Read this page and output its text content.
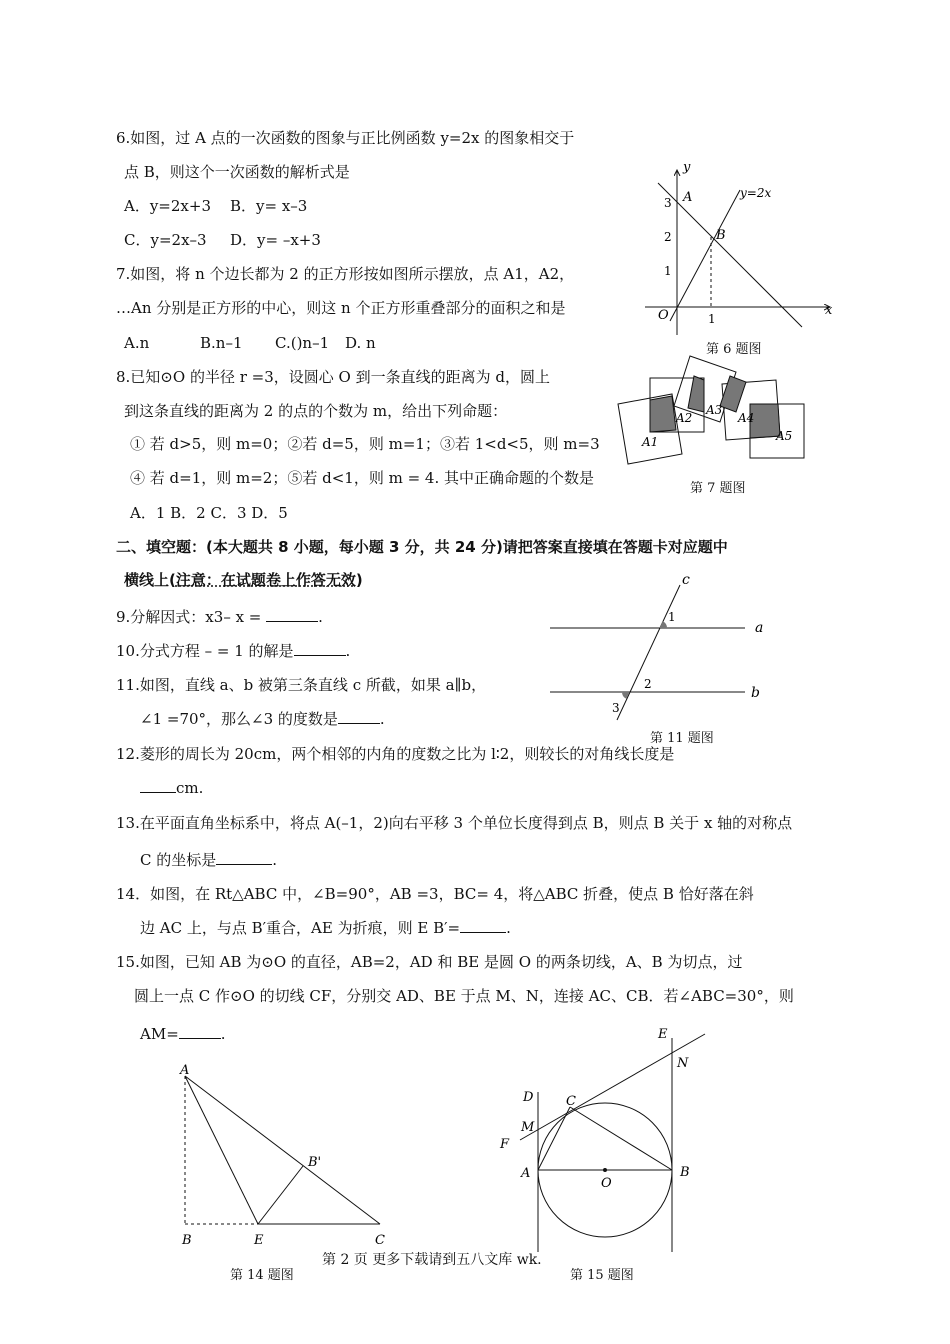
6.如图，过 A 点的一次函数的图象与正比例函数 y=2x 的图象相交于
点 B，则这个一次函数的解析式是
A．y=2x+3 B．y= x–3
C．y=2x–3 D．y= –x+3
y
x
O
A
B
y=2x
3
2
1
1
第 6 题图
7.如图，将 n 个边长都为 2 的正方形按如图所示摆放，点 A1，A2，
…An 分别是正方形的中心，则这 n 个正方形重叠部分的面积之和是
A.n	B.n–1 C.()n–1 D. n
A1
A2
A3
A4
A5
第 7 题图
8.已知⊙O 的半径 r =3，设圆心 O 到一条直线的距离为 d，圆上
到这条直线的距离为 2 的点的个数为 m，给出下列命题：
① 若 d>5，则 m=0；②若 d=5，则 m=1；③若 1<d<5，则 m=3
④ 若 d=1，则 m=2；⑤若 d<1，则 m = 4. 其中正确命题的个数是
A．1 B．2 C．3 D．5
二、填空题：(本大题共 8 小题，每小题 3 分，共 24 分)请把答案直接填在答题卡对应题中
横线上(注意：在试题卷上作答无效)
9.分解因式：x3– x =	.
10.分式方程 – = 1 的解是	.
11.如图，直线 a、b 被第三条直线 c 所截，如果 a∥b，
∠1 =70°，那么∠3 的度数是	.
c
a
b
1
2
3
第 11 题图
12.菱形的周长为 20cm，两个相邻的内角的度数之比为 l∶2，则较长的对角线长度是
cm.
13.在平面直角坐标系中，将点 A(–1，2)向右平移 3 个单位长度得到点 B，则点 B 关于 x 轴的对称点
C 的坐标是	.
14．如图，在 Rt△ABC 中，∠B=90°，AB =3，BC= 4，将△ABC 折叠，使点 B 恰好落在斜
边 AC 上，与点 B′重合，AE 为折痕，则 E B′=	.
15.如图，已知 AB 为⊙O 的直径，AB=2，AD 和 BE 是圆 O 的两条切线，A、B 为切点，过
圆上一点 C 作⊙O 的切线 CF，分别交 AD、BE 于点 M、N，连接 AC、CB．若∠ABC=30°，则
AM=	.
A
B	E	C
B'
第 14 题图
E
N
D	C
M
F
A	B
O
第 15 题图
第 2 页 更多下载请到五八文库 wk.
